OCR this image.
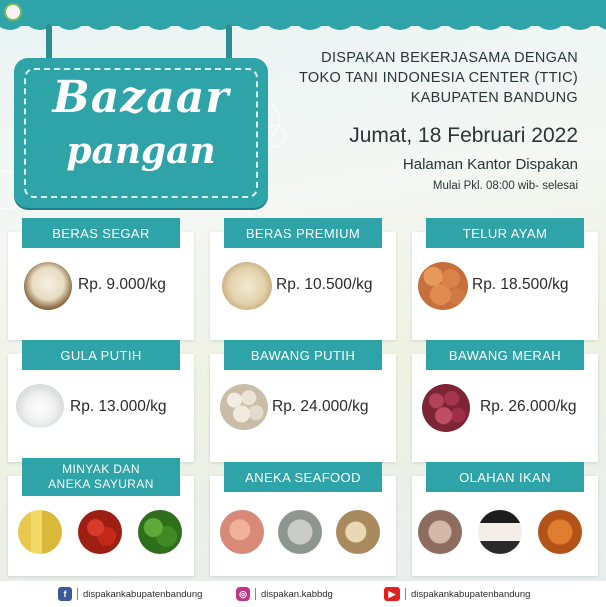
Bazaar
pangan
DISPAKAN BEKERJASAMA DENGAN
TOKO TANI INDONESIA CENTER (TTIC)
KABUPATEN BANDUNG
Jumat, 18 Februari 2022
Halaman Kantor Dispakan
Mulai Pkl. 08:00 wib- selesai
BERAS SEGAR
Rp. 9.000/kg
BERAS PREMIUM
Rp. 10.500/kg
TELUR AYAM
Rp. 18.500/kg
GULA PUTIH
Rp. 13.000/kg
BAWANG PUTIH
Rp. 24.000/kg
BAWANG MERAH
Rp. 26.000/kg
MINYAK DAN
ANEKA SAYURAN	ANEKA SEAFOOD	OLAHAN IKAN
f	dispakankabupatenbandung	◎	dispakan.kabbdg	▶	dispakankabupatenbandung
